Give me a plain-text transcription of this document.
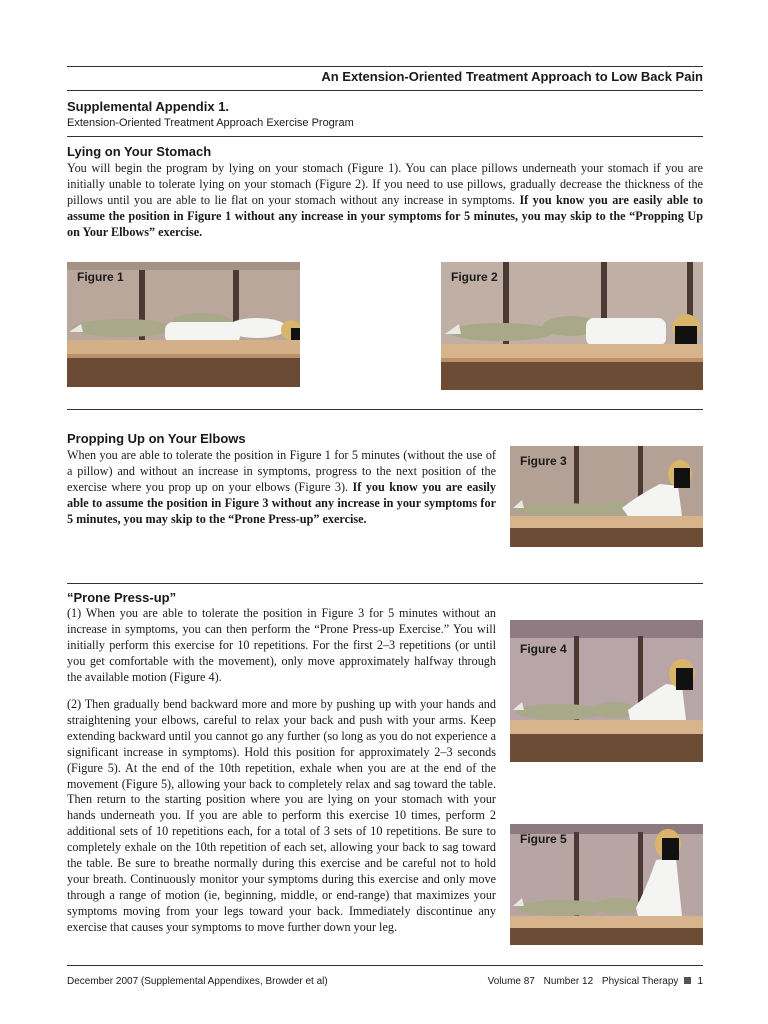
An Extension-Oriented Treatment Approach to Low Back Pain
Supplemental Appendix 1.
Extension-Oriented Treatment Approach Exercise Program
Lying on Your Stomach
You will begin the program by lying on your stomach (Figure 1). You can place pillows underneath your stomach if you are initially unable to tolerate lying on your stomach (Figure 2). If you need to use pillows, gradually decrease the thickness of the pillows until you are able to lie flat on your stomach without any increase in symptoms. If you know you are easily able to assume the position in Figure 1 without any increase in your symptoms for 5 minutes, you may skip to the “Propping Up on Your Elbows” exercise.
Figure 1	Figure 2
Propping Up on Your Elbows
When you are able to tolerate the position in Figure 1 for 5 minutes (without the use of a pillow) and without an increase in symptoms, progress to the next position of the exercise where you prop up on your elbows (Figure 3). If you know you are easily able to assume the position in Figure 3 without any increase in your symptoms for 5 minutes, you may skip to the “Prone Press-up” exercise.
Figure 3
“Prone Press-up”
(1) When you are able to tolerate the position in Figure 3 for 5 minutes without an increase in symptoms, you can then perform the “Prone Press-up Exercise.” You will initially perform this exercise for 10 repetitions. For the first 2–3 repetitions (or until you get comfortable with the movement), only move approximately halfway through the available motion (Figure 4).
(2) Then gradually bend backward more and more by pushing up with your hands and straightening your elbows, careful to relax your back and push with your arms. Keep extending backward until you cannot go any further (so long as you do not experience a significant increase in symptoms). Hold this position for approximately 2–3 seconds (Figure 5). At the end of the 10th repetition, exhale when you are at the end of the movement (Figure 5), allowing your back to completely relax and sag toward the table. Then return to the starting position where you are lying on your stomach with your hands underneath you. If you are able to perform this exercise 10 times, perform 2 additional sets of 10 repetitions each, for a total of 3 sets of 10 repetitions. Be sure to completely exhale on the 10th repetition of each set, allowing your back to sag toward the table. Be sure to breathe normally during this exercise and be careful not to hold your breath. Continuously monitor your symptoms during this exercise and only move through a range of motion (ie, beginning, middle, or end-range) that maximizes your symptoms moving from your legs toward your back. Immediately discontinue any exercise that causes your symptoms to move further down your leg.
Figure 4
Figure 5
December 2007 (Supplemental Appendixes, Browder et al)	Volume 87 Number 12 Physical Therapy 1
